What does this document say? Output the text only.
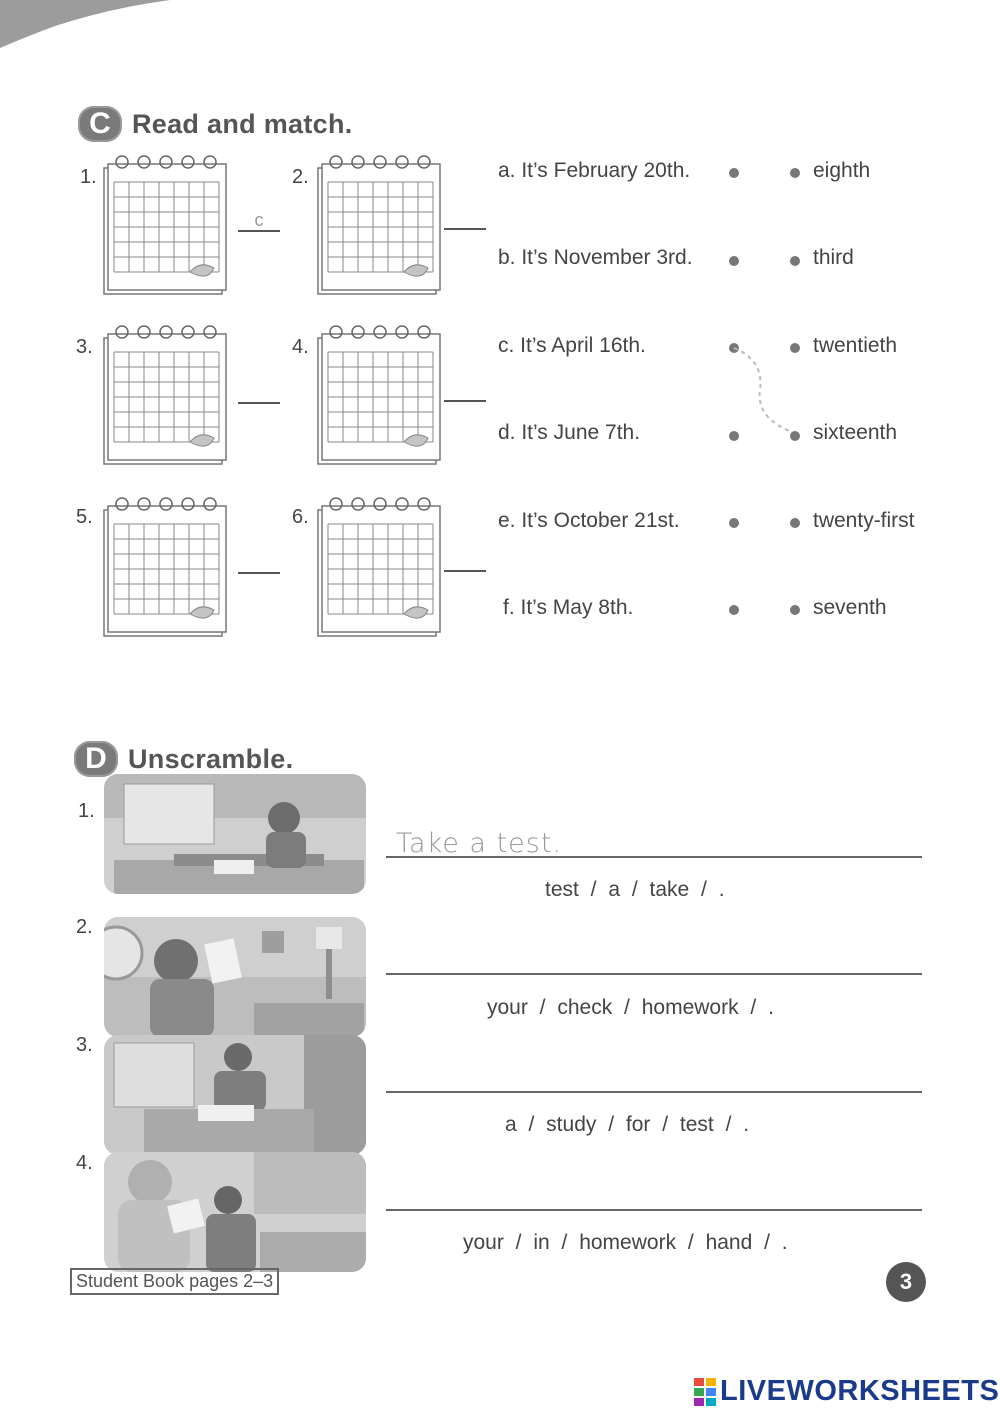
C Read and match.
1.
c
2.
3.	4.
5.	6.
a. It’s February 20th.
b. It’s November 3rd.
c. It’s April 16th.
d. It’s June 7th.
e. It’s October 21st.
f. It’s May 8th.
eighth
third
twentieth
sixteenth
twenty-first
seventh
D Unscramble.
1.
Take a test.
test / a / take / .
2.
your / check / homework / .
3.
a / study / for / test / .
4.
your / in / homework / hand / .
Student Book pages 2–3	3
LIVEWORKSHEETS
